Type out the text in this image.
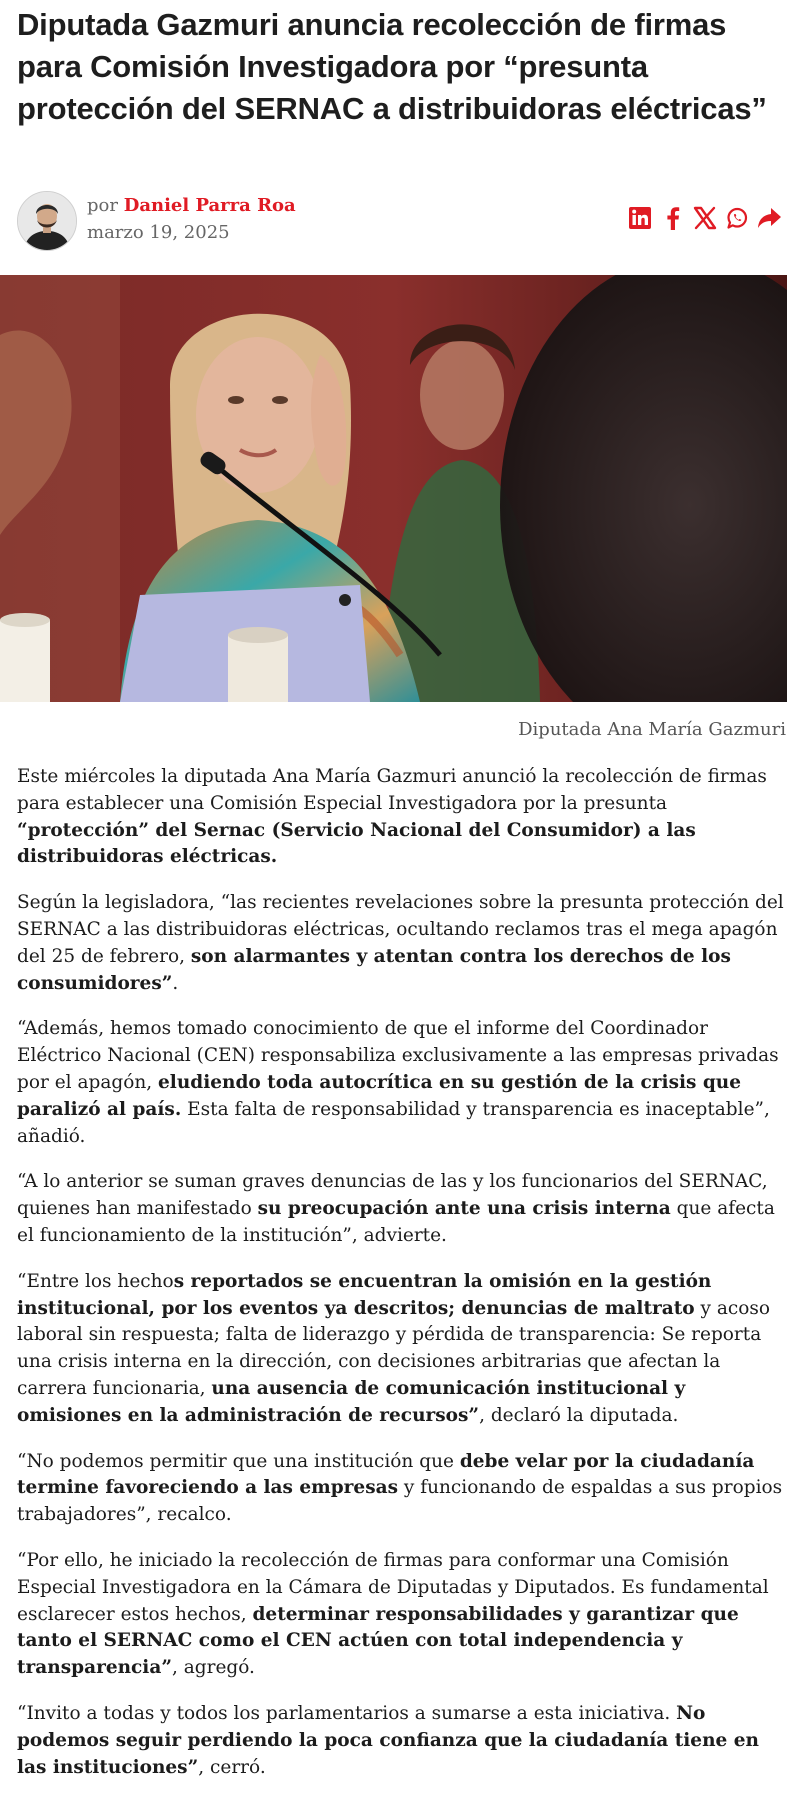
Diputada Gazmuri anuncia recolección de firmas para Comisión Investigadora por “presunta protección del SERNAC a distribuidoras eléctricas”
por Daniel Parra Roa
marzo 19, 2025
Diputada Ana María Gazmuri

Este miércoles la diputada Ana María Gazmuri anunció la recolección de firmas para establecer una Comisión Especial Investigadora por la presunta “protección” del Sernac (Servicio Nacional del Consumidor) a las distribuidoras eléctricas.

Según la legisladora, “las recientes revelaciones sobre la presunta protección del SERNAC a las distribuidoras eléctricas, ocultando reclamos tras el mega apagón del 25 de febrero, son alarmantes y atentan contra los derechos de los consumidores”.

“Además, hemos tomado conocimiento de que el informe del Coordinador Eléctrico Nacional (CEN) responsabiliza exclusivamente a las empresas privadas por el apagón, eludiendo toda autocrítica en su gestión de la crisis que paralizó al país. Esta falta de responsabilidad y transparencia es inaceptable”, añadió.

“A lo anterior se suman graves denuncias de las y los funcionarios del SERNAC, quienes han manifestado su preocupación ante una crisis interna que afecta el funcionamiento de la institución”, advierte.

“Entre los hechos reportados se encuentran la omisión en la gestión institucional, por los eventos ya descritos; denuncias de maltrato y acoso laboral sin respuesta; falta de liderazgo y pérdida de transparencia: Se reporta una crisis interna en la dirección, con decisiones arbitrarias que afectan la carrera funcionaria, una ausencia de comunicación institucional y omisiones en la administración de recursos”, declaró la diputada.

“No podemos permitir que una institución que debe velar por la ciudadanía termine favoreciendo a las empresas y funcionando de espaldas a sus propios trabajadores”, recalco.

“Por ello, he iniciado la recolección de firmas para conformar una Comisión Especial Investigadora en la Cámara de Diputadas y Diputados. Es fundamental esclarecer estos hechos, determinar responsabilidades y garantizar que tanto el SERNAC como el CEN actúen con total independencia y transparencia”, agregó.

“Invito a todas y todos los parlamentarios a sumarse a esta iniciativa. No podemos seguir perdiendo la poca confianza que la ciudadanía tiene en las instituciones”, cerró.
